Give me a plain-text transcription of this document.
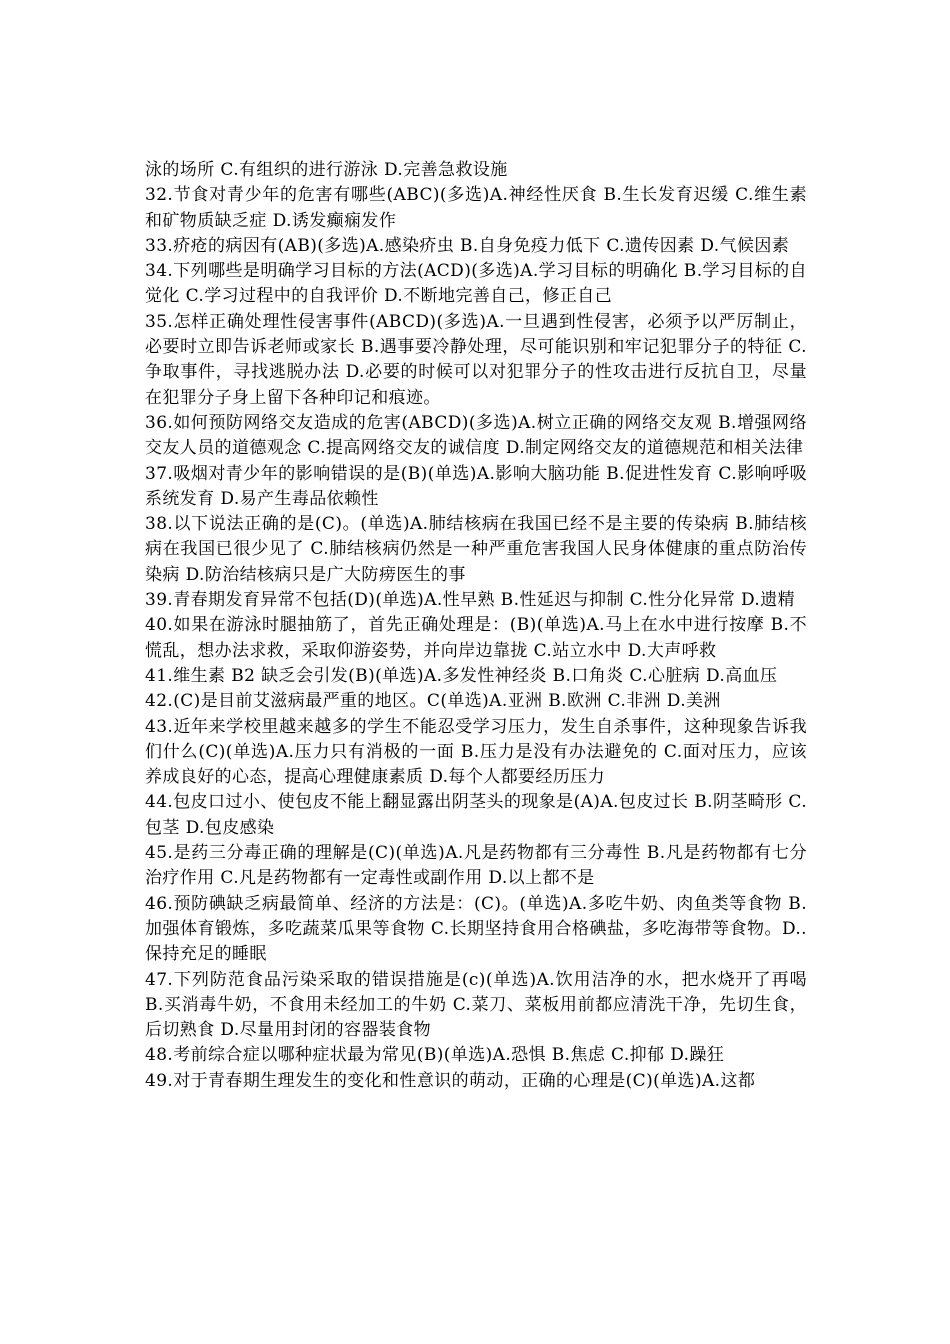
泳的场所 C.有组织的进行游泳 D.完善急救设施

32.节食对青少年的危害有哪些(ABC)(多选)A.神经性厌食 B.生长发育迟缓 C.维生素和矿物质缺乏症 D.诱发癫痫发作

33.疥疮的病因有(AB)(多选)A.感染疥虫 B.自身免疫力低下 C.遗传因素 D.气候因素

34.下列哪些是明确学习目标的方法(ACD)(多选)A.学习目标的明确化 B.学习目标的自觉化 C.学习过程中的自我评价 D.不断地完善自己，修正自己

35.怎样正确处理性侵害事件(ABCD)(多选)A.一旦遇到性侵害，必须予以严厉制止，必要时立即告诉老师或家长 B.遇事要冷静处理，尽可能识别和牢记犯罪分子的特征 C.争取事件，寻找逃脱办法 D.必要的时候可以对犯罪分子的性攻击进行反抗自卫，尽量在犯罪分子身上留下各种印记和痕迹。

36.如何预防网络交友造成的危害(ABCD)(多选)A.树立正确的网络交友观 B.增强网络交友人员的道德观念 C.提高网络交友的诚信度 D.制定网络交友的道德规范和相关法律

37.吸烟对青少年的影响错误的是(B)(单选)A.影响大脑功能 B.促进性发育 C.影响呼吸系统发育 D.易产生毒品依赖性

38.以下说法正确的是(C)。(单选)A.肺结核病在我国已经不是主要的传染病 B.肺结核病在我国已很少见了 C.肺结核病仍然是一种严重危害我国人民身体健康的重点防治传染病 D.防治结核病只是广大防痨医生的事

39.青春期发育异常不包括(D)(单选)A.性早熟 B.性延迟与抑制 C.性分化异常 D.遗精

40.如果在游泳时腿抽筋了，首先正确处理是：(B)(单选)A.马上在水中进行按摩 B.不慌乱，想办法求救，采取仰游姿势，并向岸边靠拢 C.站立水中 D.大声呼救

41.维生素 B2 缺乏会引发(B)(单选)A.多发性神经炎 B.口角炎 C.心脏病 D.高血压

42.(C)是目前艾滋病最严重的地区。C(单选)A.亚洲 B.欧洲 C.非洲 D.美洲

43.近年来学校里越来越多的学生不能忍受学习压力，发生自杀事件，这种现象告诉我们什么(C)(单选)A.压力只有消极的一面 B.压力是没有办法避免的 C.面对压力，应该养成良好的心态，提高心理健康素质 D.每个人都要经历压力

44.包皮口过小、使包皮不能上翻显露出阴茎头的现象是(A)A.包皮过长 B.阴茎畸形 C.包茎 D.包皮感染

45.是药三分毒正确的理解是(C)(单选)A.凡是药物都有三分毒性 B.凡是药物都有七分治疗作用 C.凡是药物都有一定毒性或副作用 D.以上都不是

46.预防碘缺乏病最简单、经济的方法是：(C)。(单选)A.多吃牛奶、肉鱼类等食物 B.加强体育锻炼，多吃蔬菜瓜果等食物 C.长期坚持食用合格碘盐，多吃海带等食物。D..保持充足的睡眠

47.下列防范食品污染采取的错误措施是(c)(单选)A.饮用洁净的水，把水烧开了再喝 B.买消毒牛奶，不食用未经加工的牛奶 C.菜刀、菜板用前都应清洗干净，先切生食，后切熟食 D.尽量用封闭的容器装食物

48.考前综合症以哪种症状最为常见(B)(单选)A.恐惧 B.焦虑 C.抑郁 D.躁狂

49.对于青春期生理发生的变化和性意识的萌动，正确的心理是(C)(单选)A.这都
